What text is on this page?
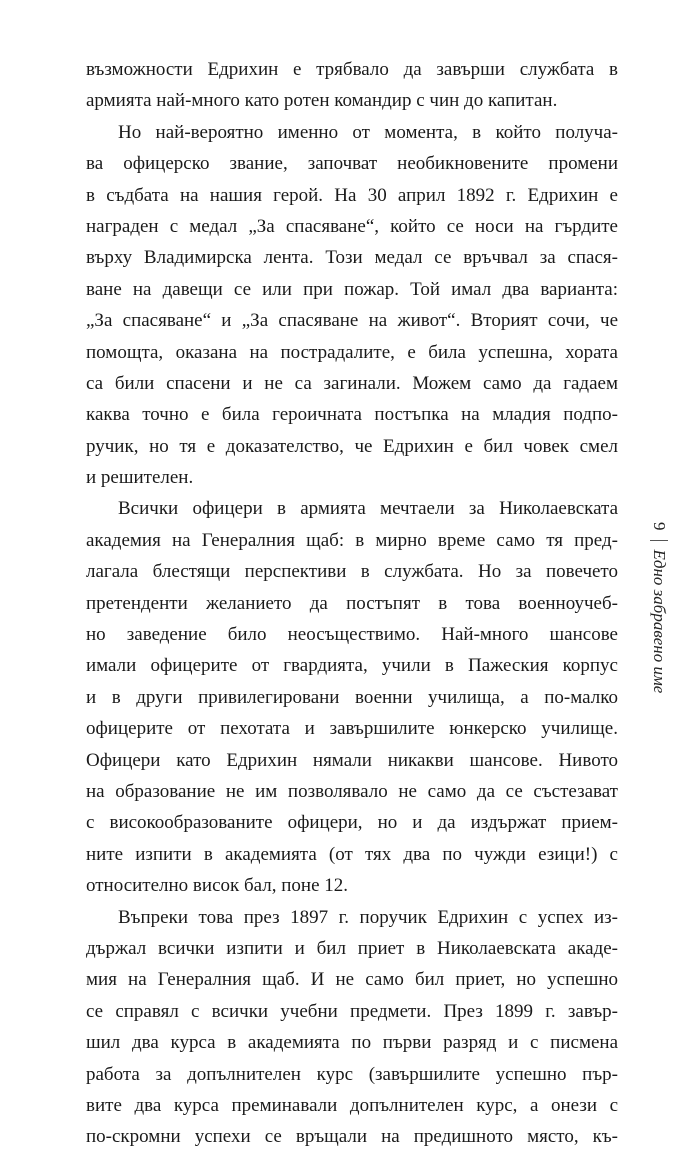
възможности Едрихин е трябвало да завърши службата в
армията най-много като ротен командир с чин до капитан.
Но най-вероятно именно от момента, в който получа-
ва офицерско звание, започват необикновените промени
в съдбата на нашия герой. На 30 април 1892 г. Едрихин е
награден с медал „За спасяване“, който се носи на гърдите
върху Владимирска лента. Този медал се връчвал за спася-
ване на давещи се или при пожар. Той имал два варианта:
„За спасяване“ и „За спасяване на живот“. Вторият сочи, че
помощта, оказана на пострадалите, е била успешна, хората
са били спасени и не са загинали. Можем само да гадаем
каква точно е била героичната постъпка на младия подпо-
ручик, но тя е доказателство, че Едрихин е бил човек смел
и решителен.
Всички офицери в армията мечтаели за Николаевската
академия на Генералния щаб: в мирно време само тя пред-
лагала блестящи перспективи в службата. Но за повечето
претенденти желанието да постъпят в това военноучеб-
но заведение било неосъществимо. Най-много шансове
имали офицерите от гвардията, учили в Пажеския корпус
и в други привилегировани военни училища, а по-малко
офицерите от пехотата и завършилите юнкерско училище.
Офицери като Едрихин нямали никакви шансове. Нивото
на образование не им позволявало не само да се състезават
с високообразованите офицери, но и да издържат прием-
ните изпити в академията (от тях два по чужди езици!) с
относително висок бал, поне 12.
Въпреки това през 1897 г. поручик Едрихин с успех из-
държал всички изпити и бил приет в Николаевската акаде-
мия на Генералния щаб. И не само бил приет, но успешно
се справял с всички учебни предмети. През 1899 г. завър-
шил два курса в академията по първи разряд и с писмена
работа за допълнителен курс (завършилите успешно пър-
вите два курса преминавали допълнителен курс, а онези с
по-скромни успехи се връщали на предишното място, къ-
9Едно забравено име
